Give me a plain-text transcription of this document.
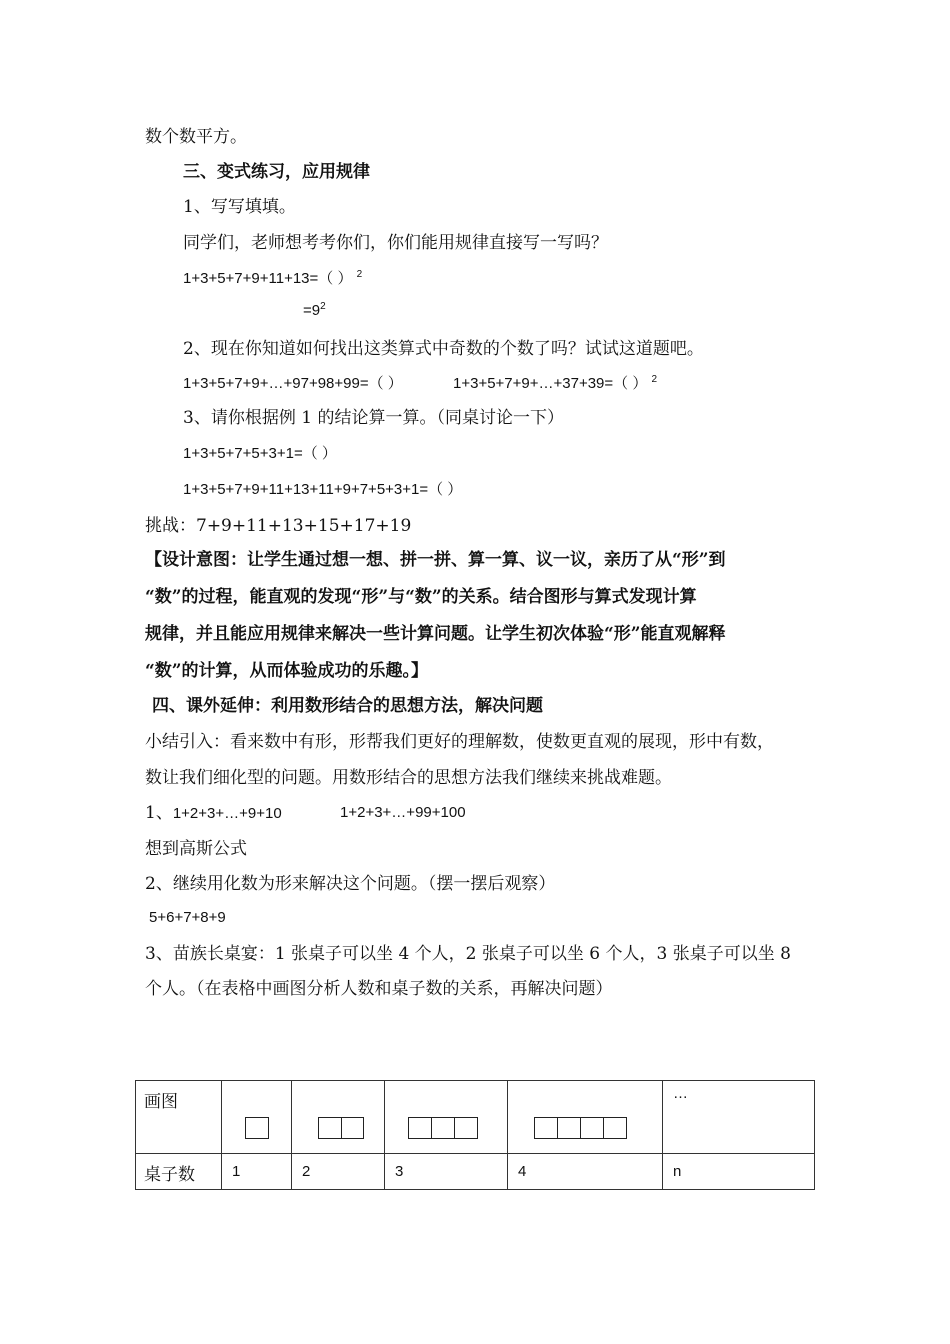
数个数平方。
三、变式练习，应用规律
1、写写填填。
同学们，老师想考考你们，你们能用规律直接写一写吗？
1+3+5+7+9+11+13=（ ） $^2$
$=9^2$
2、现在你知道如何找出这类算式中奇数的个数了吗？试试这道题吧。
1+3+5+7+9+…+97+98+99=（ ）	1+3+5+7+9+…+37+39=（ ） $^2$
3、请你根据例 1 的结论算一算。（同桌讨论一下）
1+3+5+7+5+3+1=（ ）
1+3+5+7+9+11+13+11+9+7+5+3+1=（ ）
挑战：7+9+11+13+15+17+19
【设计意图：让学生通过想一想、拼一拼、算一算、议一议，亲历了从“形”到
“数”的过程，能直观的发现“形”与“数”的关系。结合图形与算式发现计算
规律，并且能应用规律来解决一些计算问题。让学生初次体验“形”能直观解释
“数”的计算，从而体验成功的乐趣。】
四、课外延伸：利用数形结合的思想方法，解决问题
小结引入：看来数中有形，形帮我们更好的理解数，使数更直观的展现，形中有数，
数让我们细化型的问题。用数形结合的思想方法我们继续来挑战难题。
1、1+2+3+…+9+10	1+2+3+…+99+100
想到高斯公式
2、继续用化数为形来解决这个问题。（摆一摆后观察）
5+6+7+8+9
3、苗族长桌宴：1 张桌子可以坐 4 个人，2 张桌子可以坐 6 个人，3 张桌子可以坐 8
个人。（在表格中画图分析人数和桌子数的关系，再解决问题）
画图					…

桌子数	1	2	3	4	n
